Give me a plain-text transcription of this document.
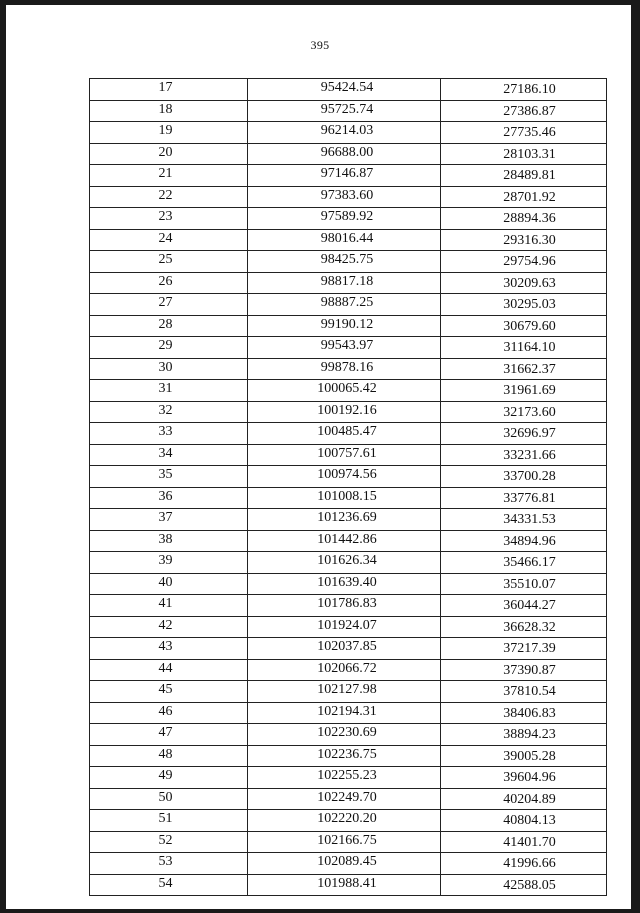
395
17	95424.54	27186.10
18	95725.74	27386.87
19	96214.03	27735.46
20	96688.00	28103.31
21	97146.87	28489.81
22	97383.60	28701.92
23	97589.92	28894.36
24	98016.44	29316.30
25	98425.75	29754.96
26	98817.18	30209.63
27	98887.25	30295.03
28	99190.12	30679.60
29	99543.97	31164.10
30	99878.16	31662.37
31	100065.42	31961.69
32	100192.16	32173.60
33	100485.47	32696.97
34	100757.61	33231.66
35	100974.56	33700.28
36	101008.15	33776.81
37	101236.69	34331.53
38	101442.86	34894.96
39	101626.34	35466.17
40	101639.40	35510.07
41	101786.83	36044.27
42	101924.07	36628.32
43	102037.85	37217.39
44	102066.72	37390.87
45	102127.98	37810.54
46	102194.31	38406.83
47	102230.69	38894.23
48	102236.75	39005.28
49	102255.23	39604.96
50	102249.70	40204.89
51	102220.20	40804.13
52	102166.75	41401.70
53	102089.45	41996.66
54	101988.41	42588.05
